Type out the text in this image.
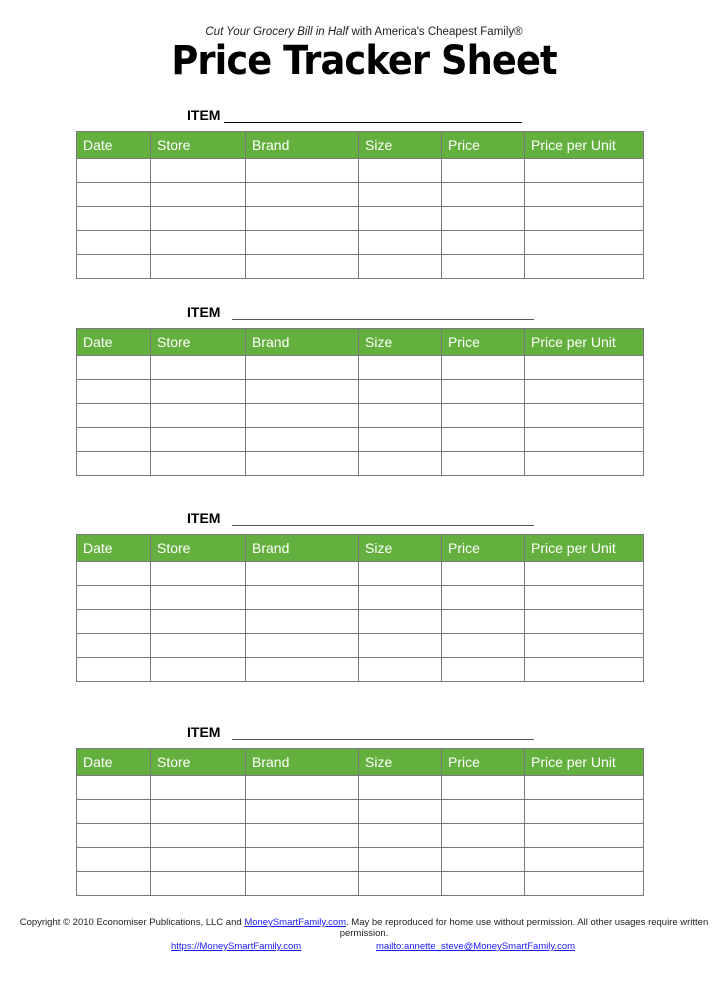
Cut Your Grocery Bill in Half with America's Cheapest Family®
Price Tracker Sheet
ITEM
Date	Store	Brand	Size	Price	Price per Unit

ITEM
Date	Store	Brand	Size	Price	Price per Unit

ITEM
Date	Store	Brand	Size	Price	Price per Unit

ITEM
Date	Store	Brand	Size	Price	Price per Unit

Copyright © 2010 Economiser Publications, LLC and MoneySmartFamily.com. May be reproduced for home use without permission. All other usages require written permission.
https://MoneySmartFamily.com	mailto:annette_steve@MoneySmartFamily.com
